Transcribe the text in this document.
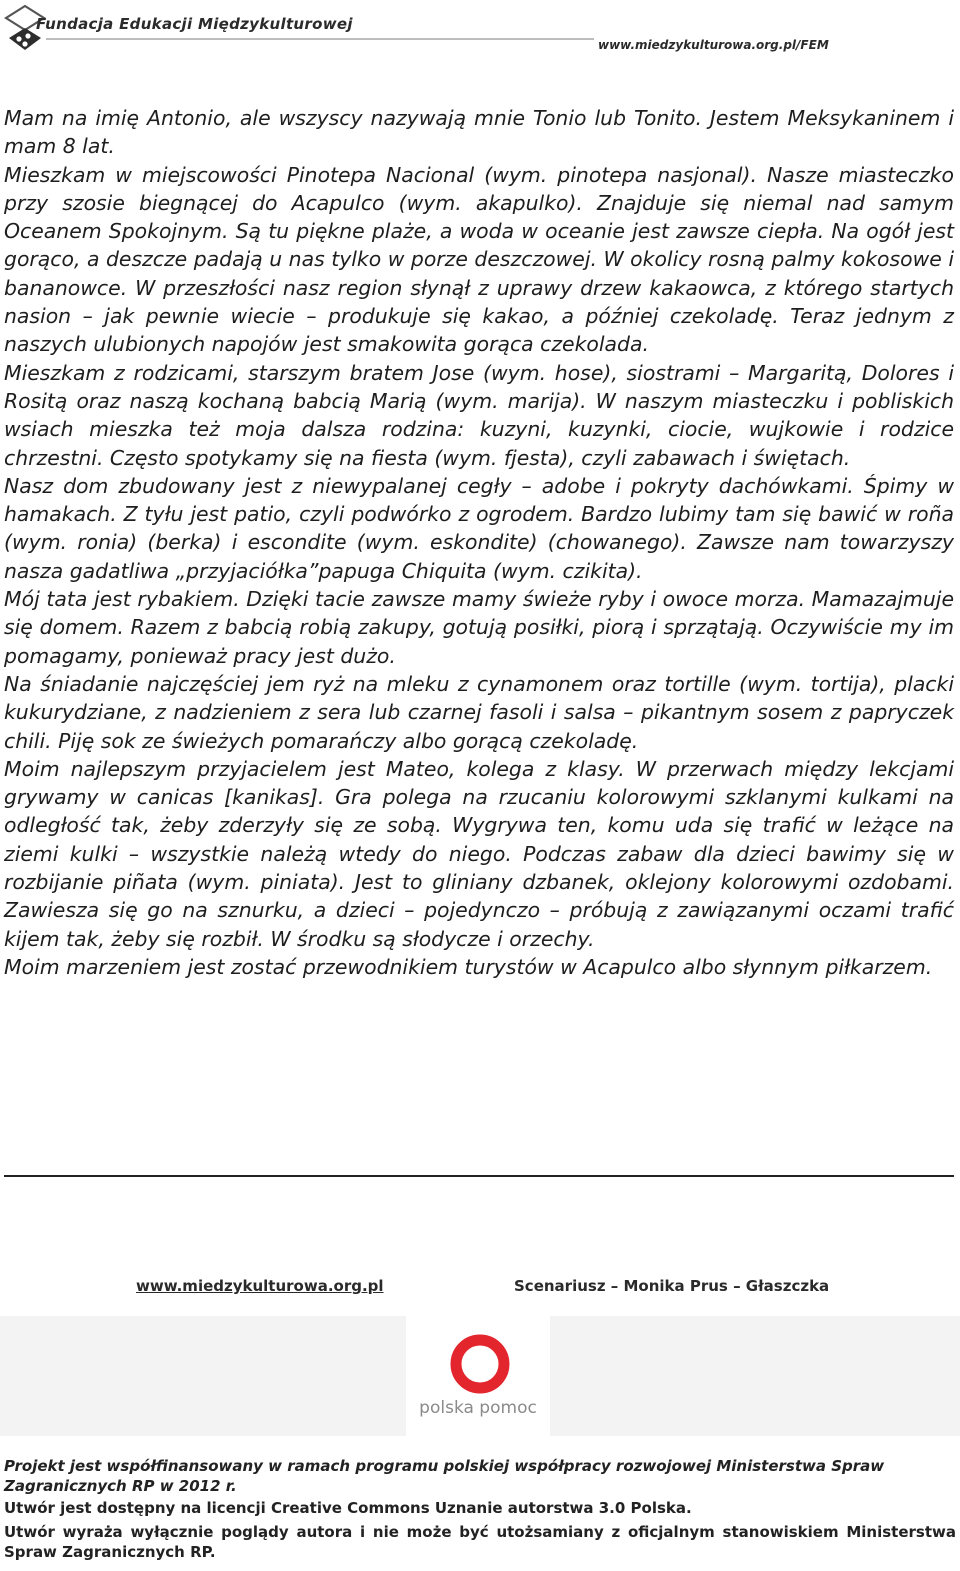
Fundacja Edukacji Międzykulturowej
www.miedzykulturowa.org.pl/FEM

Mam na imię Antonio, ale wszyscy nazywają mnie Tonio lub Tonito. Jestem Meksykaninem i mam 8 lat.

Mieszkam w miejscowości Pinotepa Nacional (wym. pinotepa nasjonal). Nasze miasteczko przy szosie biegnącej do Acapulco (wym. akapulko). Znajduje się niemal nad samym Oceanem Spokojnym. Są tu piękne plaże, a woda w oceanie jest zawsze ciepła. Na ogół jest gorąco, a deszcze padają u nas tylko w porze deszczowej. W okolicy rosną palmy kokosowe i bananowce. W przeszłości nasz region słynął z uprawy drzew kakaowca, z którego startych nasion – jak pewnie wiecie – produkuje się kakao, a później czekoladę. Teraz jednym z naszych ulubionych napojów jest smakowita gorąca czekolada.

Mieszkam z rodzicami, starszym bratem Jose (wym. hose), siostrami – Margaritą, Dolores i Rositą oraz naszą kochaną babcią Marią (wym. marija). W naszym miasteczku i pobliskich wsiach mieszka też moja dalsza rodzina: kuzyni, kuzynki, ciocie, wujkowie i rodzice chrzestni. Często spotykamy się na fiesta (wym. fjesta), czyli zabawach i świętach.

Nasz dom zbudowany jest z niewypalanej cegły – adobe i pokryty dachówkami. Śpimy w hamakach. Z tyłu jest patio, czyli podwórko z ogrodem. Bardzo lubimy tam się bawić w roña (wym. ronia) (berka) i escondite (wym. eskondite) (chowanego). Zawsze nam towarzyszy nasza gadatliwa „przyjaciółka”papuga Chiquita (wym. czikita).

Mój tata jest rybakiem. Dzięki tacie zawsze mamy świeże ryby i owoce morza. Mamazajmuje się domem. Razem z babcią robią zakupy, gotują posiłki, piorą i sprzątają. Oczywiście my im pomagamy, ponieważ pracy jest dużo.

Na śniadanie najczęściej jem ryż na mleku z cynamonem oraz tortille (wym. tortija), placki kukurydziane, z nadzieniem z sera lub czarnej fasoli i salsa – pikantnym sosem z papryczek chili. Piję sok ze świeżych pomarańczy albo gorącą czekoladę.

Moim najlepszym przyjacielem jest Mateo, kolega z klasy. W przerwach między lekcjami grywamy w canicas [kanikas]. Gra polega na rzucaniu kolorowymi szklanymi kulkami na odległość tak, żeby zderzyły się ze sobą. Wygrywa ten, komu uda się trafić w leżące na ziemi kulki – wszystkie należą wtedy do niego. Podczas zabaw dla dzieci bawimy się w rozbijanie piñata (wym. piniata). Jest to gliniany dzbanek, oklejony kolorowymi ozdobami. Zawiesza się go na sznurku, a dzieci – pojedynczo – próbują z zawiązanymi oczami trafić kijem tak, żeby się rozbił. W środku są słodycze i orzechy.

Moim marzeniem jest zostać przewodnikiem turystów w Acapulco albo słynnym piłkarzem.

www.miedzykulturowa.org.pl	Scenariusz – Monika Prus – Głaszczka
polska pomoc

Projekt jest współfinansowany w ramach programu polskiej współpracy rozwojowej Ministerstwa Spraw Zagranicznych RP w 2012 r.

Utwór jest dostępny na licencji Creative Commons Uznanie autorstwa 3.0 Polska.

Utwór wyraża wyłącznie poglądy autora i nie może być utożsamiany z oficjalnym stanowiskiem Ministerstwa Spraw Zagranicznych RP.
